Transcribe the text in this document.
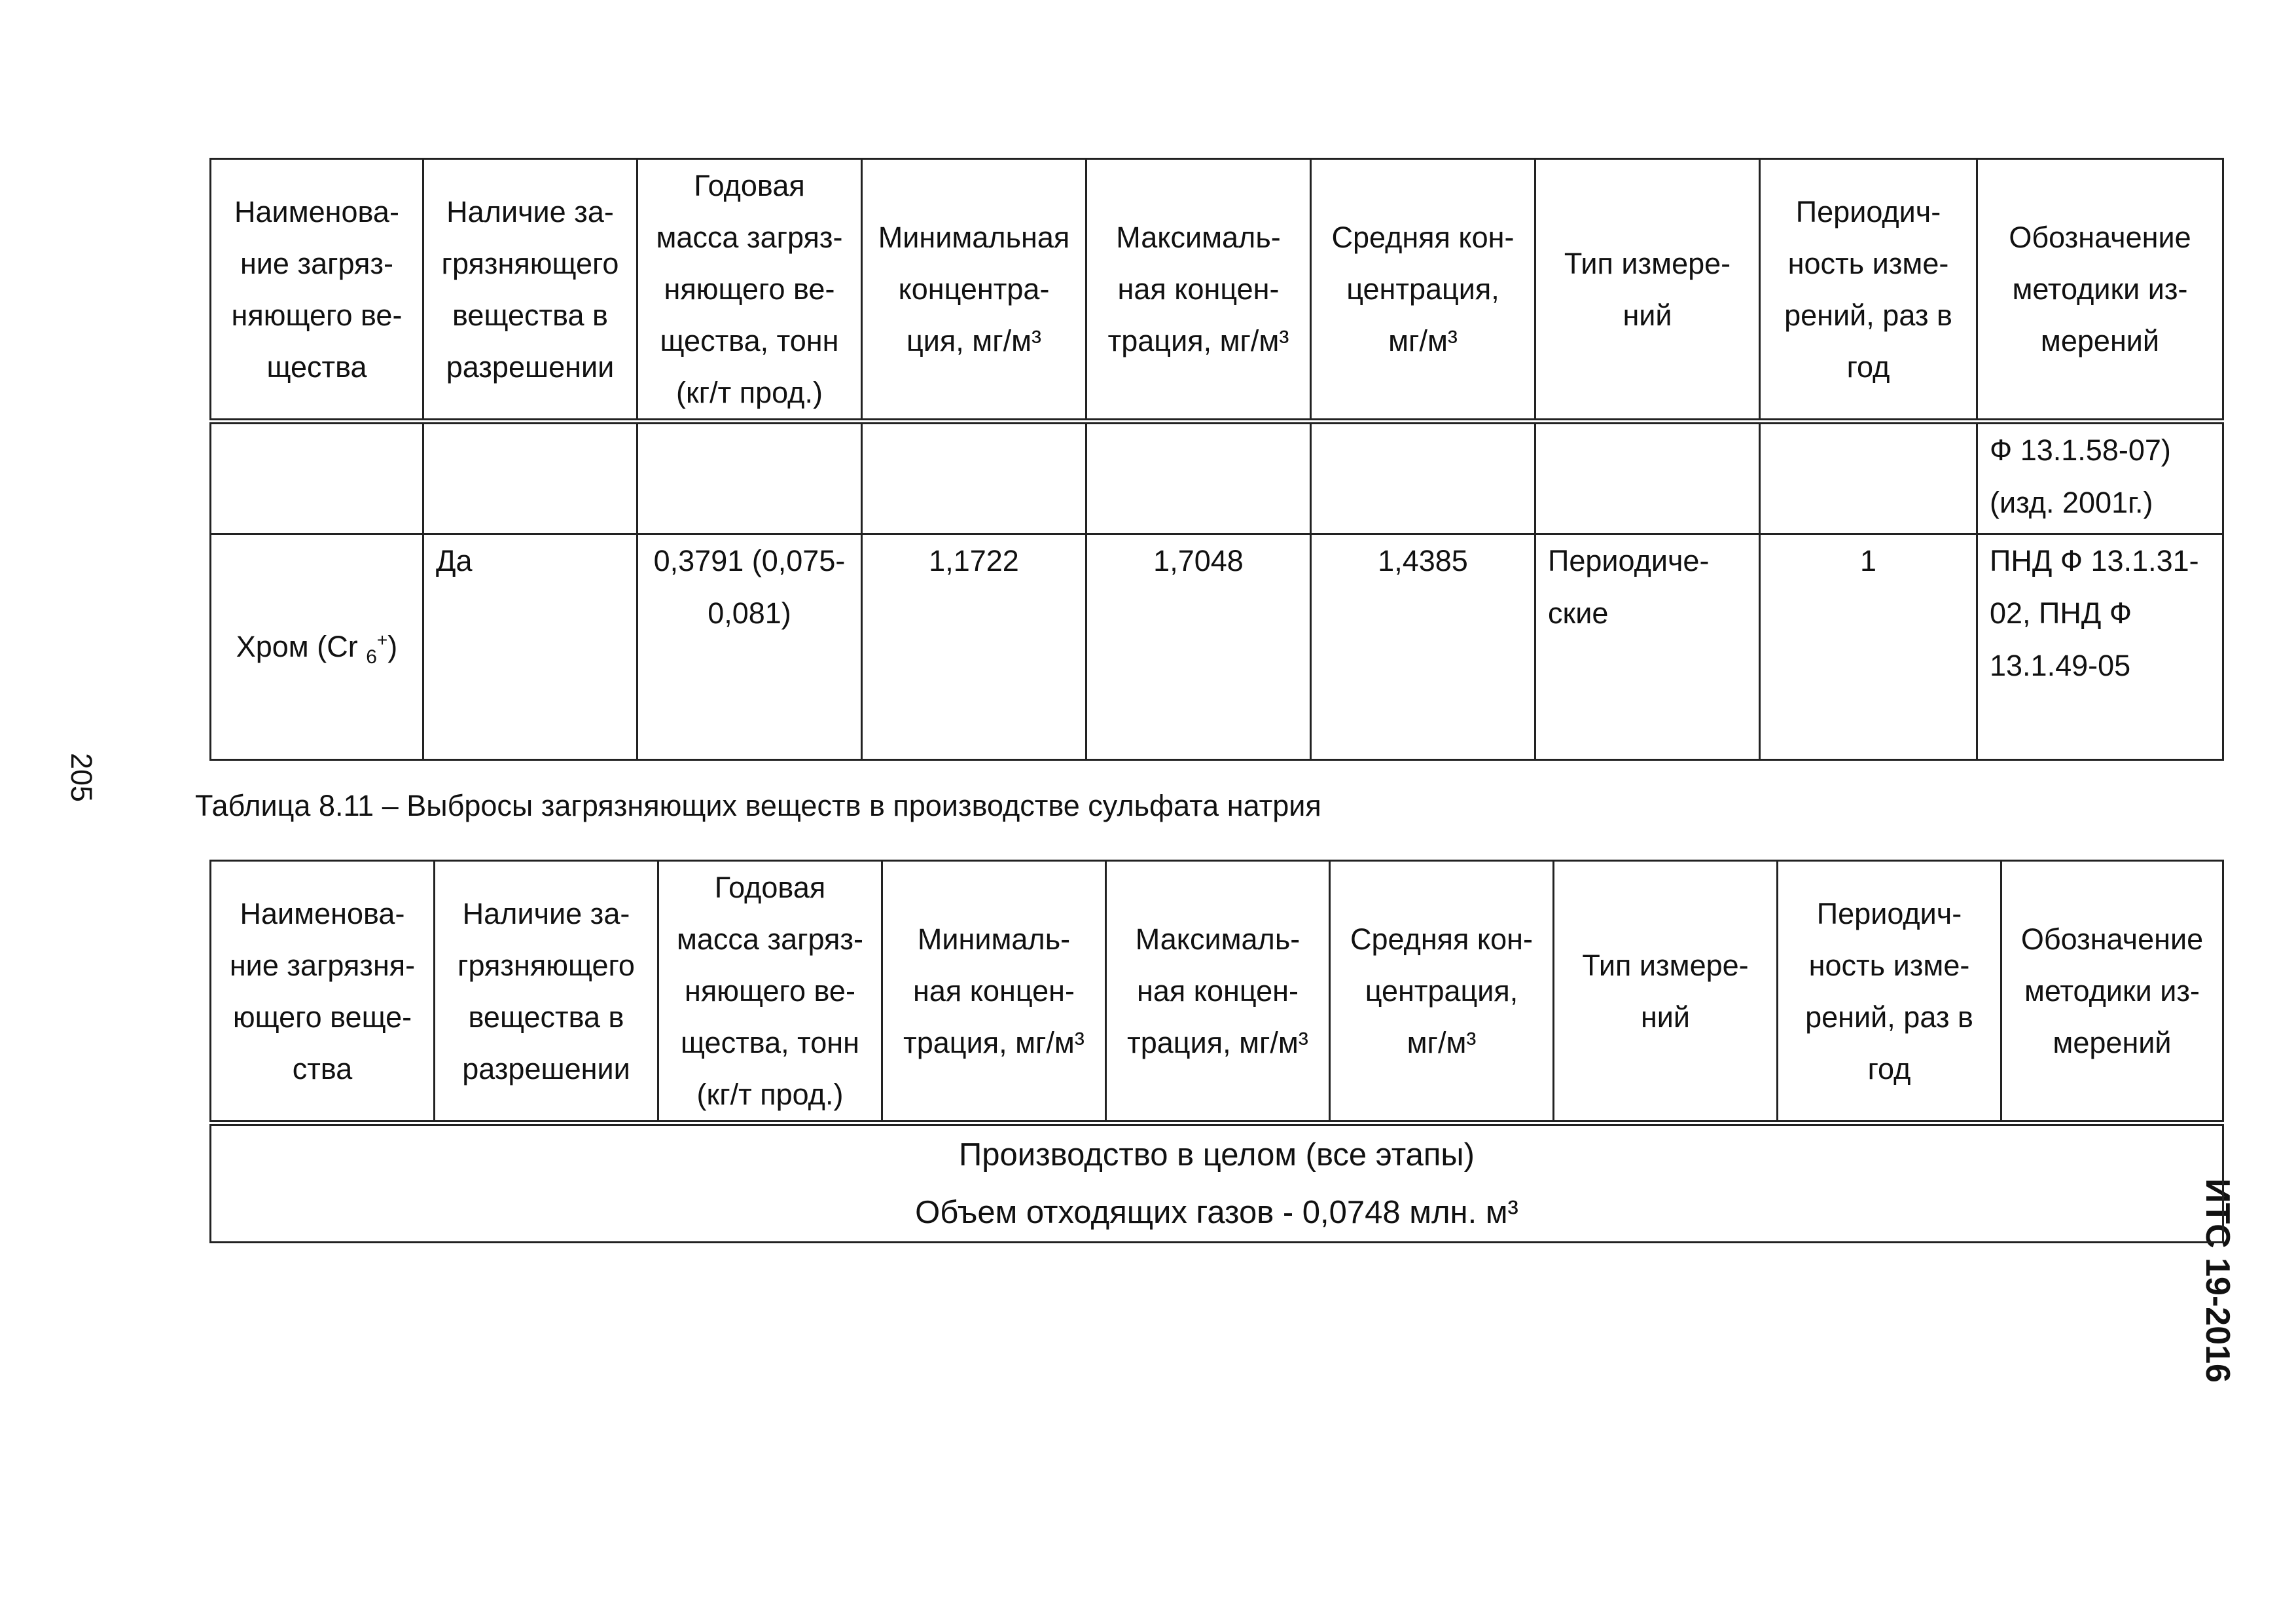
205
ИТС 19-2016
Наименова-ние загряз-няющего ве-щества	Наличие за-грязняющего вещества в разрешении	Годовая масса загряз-няющего ве-щества, тонн (кг/т прод.)	Минимальная концентра-ция, мг/м³	Максималь-ная концен-трация, мг/м³	Средняя кон-центрация, мг/м³	Тип измере-ний	Периодич-ность изме-рений, раз в год	Обозначение методики из-мерений
								Ф 13.1.58-07) (изд. 2001г.)
Хром (Cr $_6$+)	Да	0,3791 (0,075-0,081)	1,1722	1,7048	1,4385	Периодиче-ские	1	ПНД Ф 13.1.31-02, ПНД Ф 13.1.49-05
Таблица 8.11 – Выбросы загрязняющих веществ в производстве сульфата натрия
Наименова-ние загрязня-ющего веще-ства	Наличие за-грязняющего вещества в разрешении	Годовая масса загряз-няющего ве-щества, тонн (кг/т прод.)	Минималь-ная концен-трация, мг/м³	Максималь-ная концен-трация, мг/м³	Средняя кон-центрация, мг/м³	Тип измере-ний	Периодич-ность изме-рений, раз в год	Обозначение методики из-мерений

Производство в целом (все этапы)
Объем отходящих газов - 0,0748 млн. м³
